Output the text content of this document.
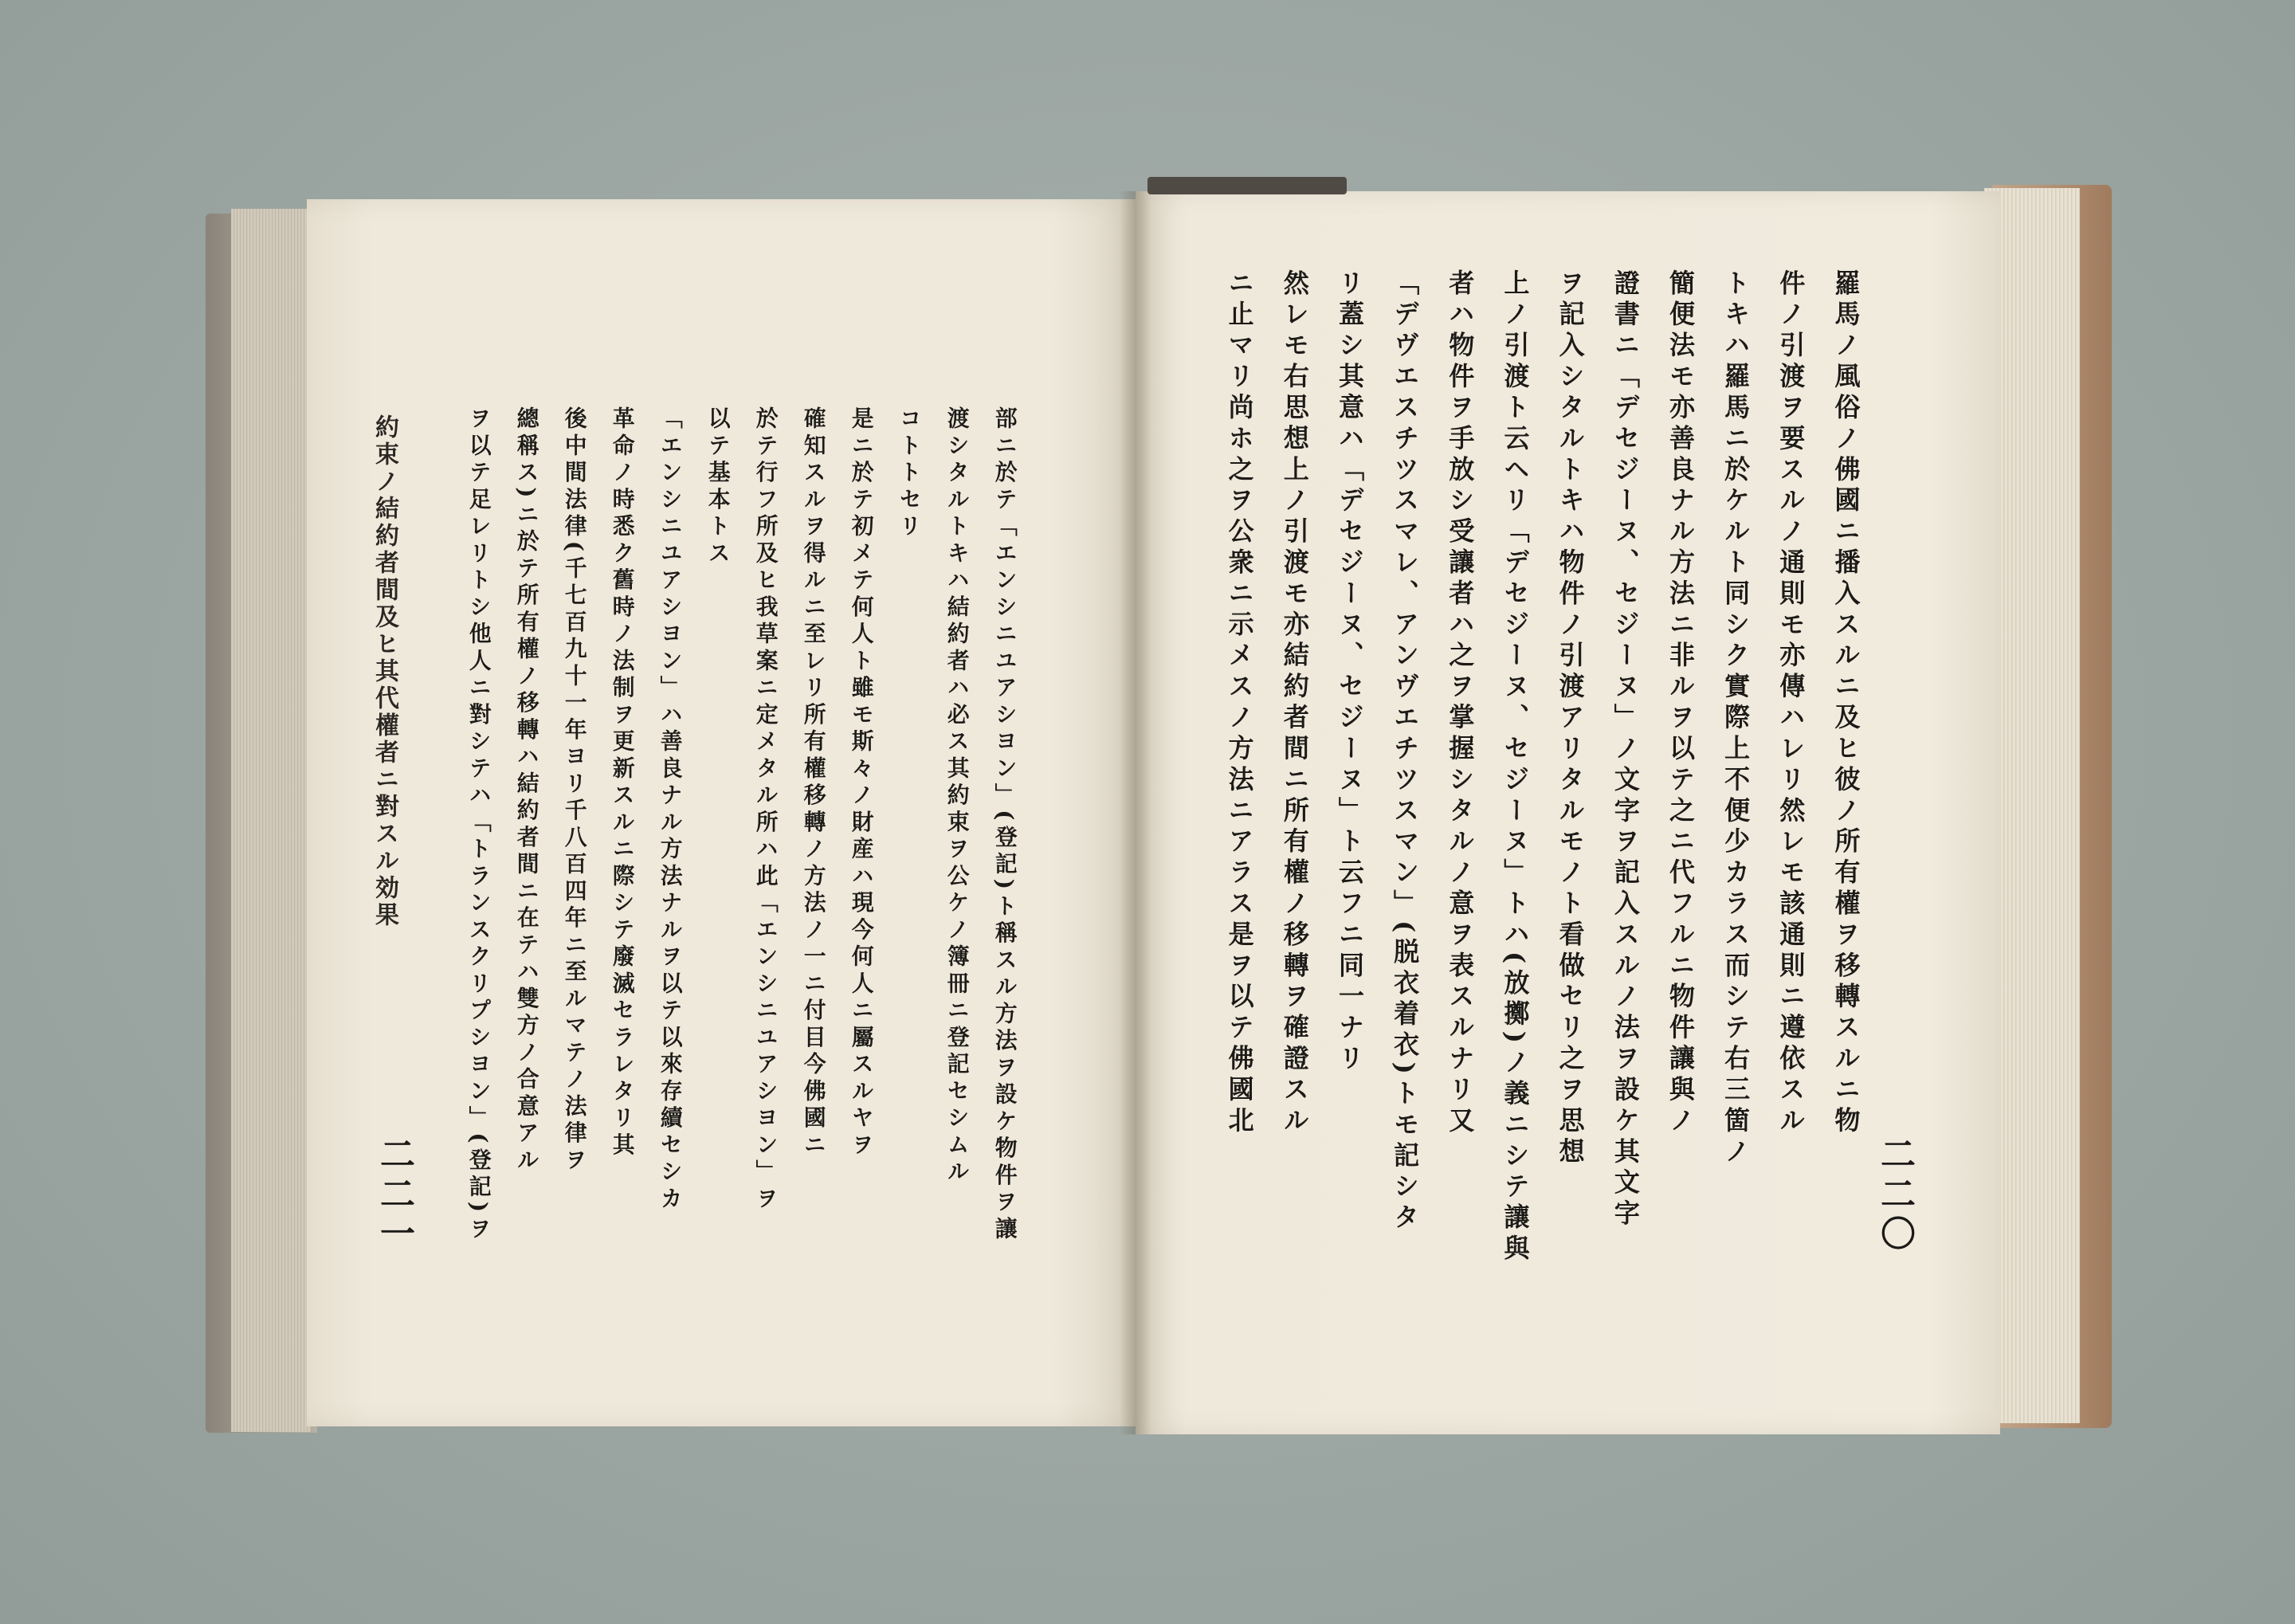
二二〇
羅馬ノ風俗ノ佛國ニ播入スルニ及ヒ彼ノ所有權ヲ移轉スルニ物
件ノ引渡ヲ要スルノ通則モ亦傳ハレリ然レモ該通則ニ遵依スル
トキハ羅馬ニ於ケルト同シク實際上不便少カラス而シテ右三箇ノ
簡便法モ亦善良ナル方法ニ非ルヲ以テ之ニ代フルニ物件讓與ノ
證書ニ「デセジーヌ、セジーヌ」ノ文字ヲ記入スルノ法ヲ設ケ其文字
ヲ記入シタルトキハ物件ノ引渡アリタルモノト看做セリ之ヲ思想
上ノ引渡ト云ヘリ「デセジーヌ、セジーヌ」トハ(放擲)ノ義ニシテ讓與
者ハ物件ヲ手放シ受讓者ハ之ヲ掌握シタルノ意ヲ表スルナリ又
「デヴエスチツスマレ、アンヴエチツスマン」(脱衣着衣)トモ記シタ
リ蓋シ其意ハ「デセジーヌ、セジーヌ」ト云フニ同一ナリ
然レモ右思想上ノ引渡モ亦結約者間ニ所有權ノ移轉ヲ確證スル
ニ止マリ尚ホ之ヲ公衆ニ示メスノ方法ニアラス是ヲ以テ佛國北
約束ノ結約者間及ヒ其代權者ニ對スル効果
二二一	部ニ於テ「エンシニユアシヨン」(登記)ト稱スル方法ヲ設ケ物件ヲ讓
渡シタルトキハ結約者ハ必ス其約束ヲ公ケノ簿冊ニ登記セシムル
コトトセリ
是ニ於テ初メテ何人ト雖モ斯々ノ財産ハ現今何人ニ屬スルヤヲ
確知スルヲ得ルニ至レリ所有權移轉ノ方法ノ一ニ付目今佛國ニ
於テ行フ所及ヒ我草案ニ定メタル所ハ此「エンシニユアシヨン」ヲ
以テ基本トス
「エンシニユアシヨン」ハ善良ナル方法ナルヲ以テ以來存續セシカ
革命ノ時悉ク舊時ノ法制ヲ更新スルニ際シテ廢滅セラレタリ其
後中間法律(千七百九十一年ヨリ千八百四年ニ至ルマテノ法律ヲ
總稱ス)ニ於テ所有權ノ移轉ハ結約者間ニ在テハ雙方ノ合意アル
ヲ以テ足レリトシ他人ニ對シテハ「トランスクリプシヨン」(登記)ヲ
